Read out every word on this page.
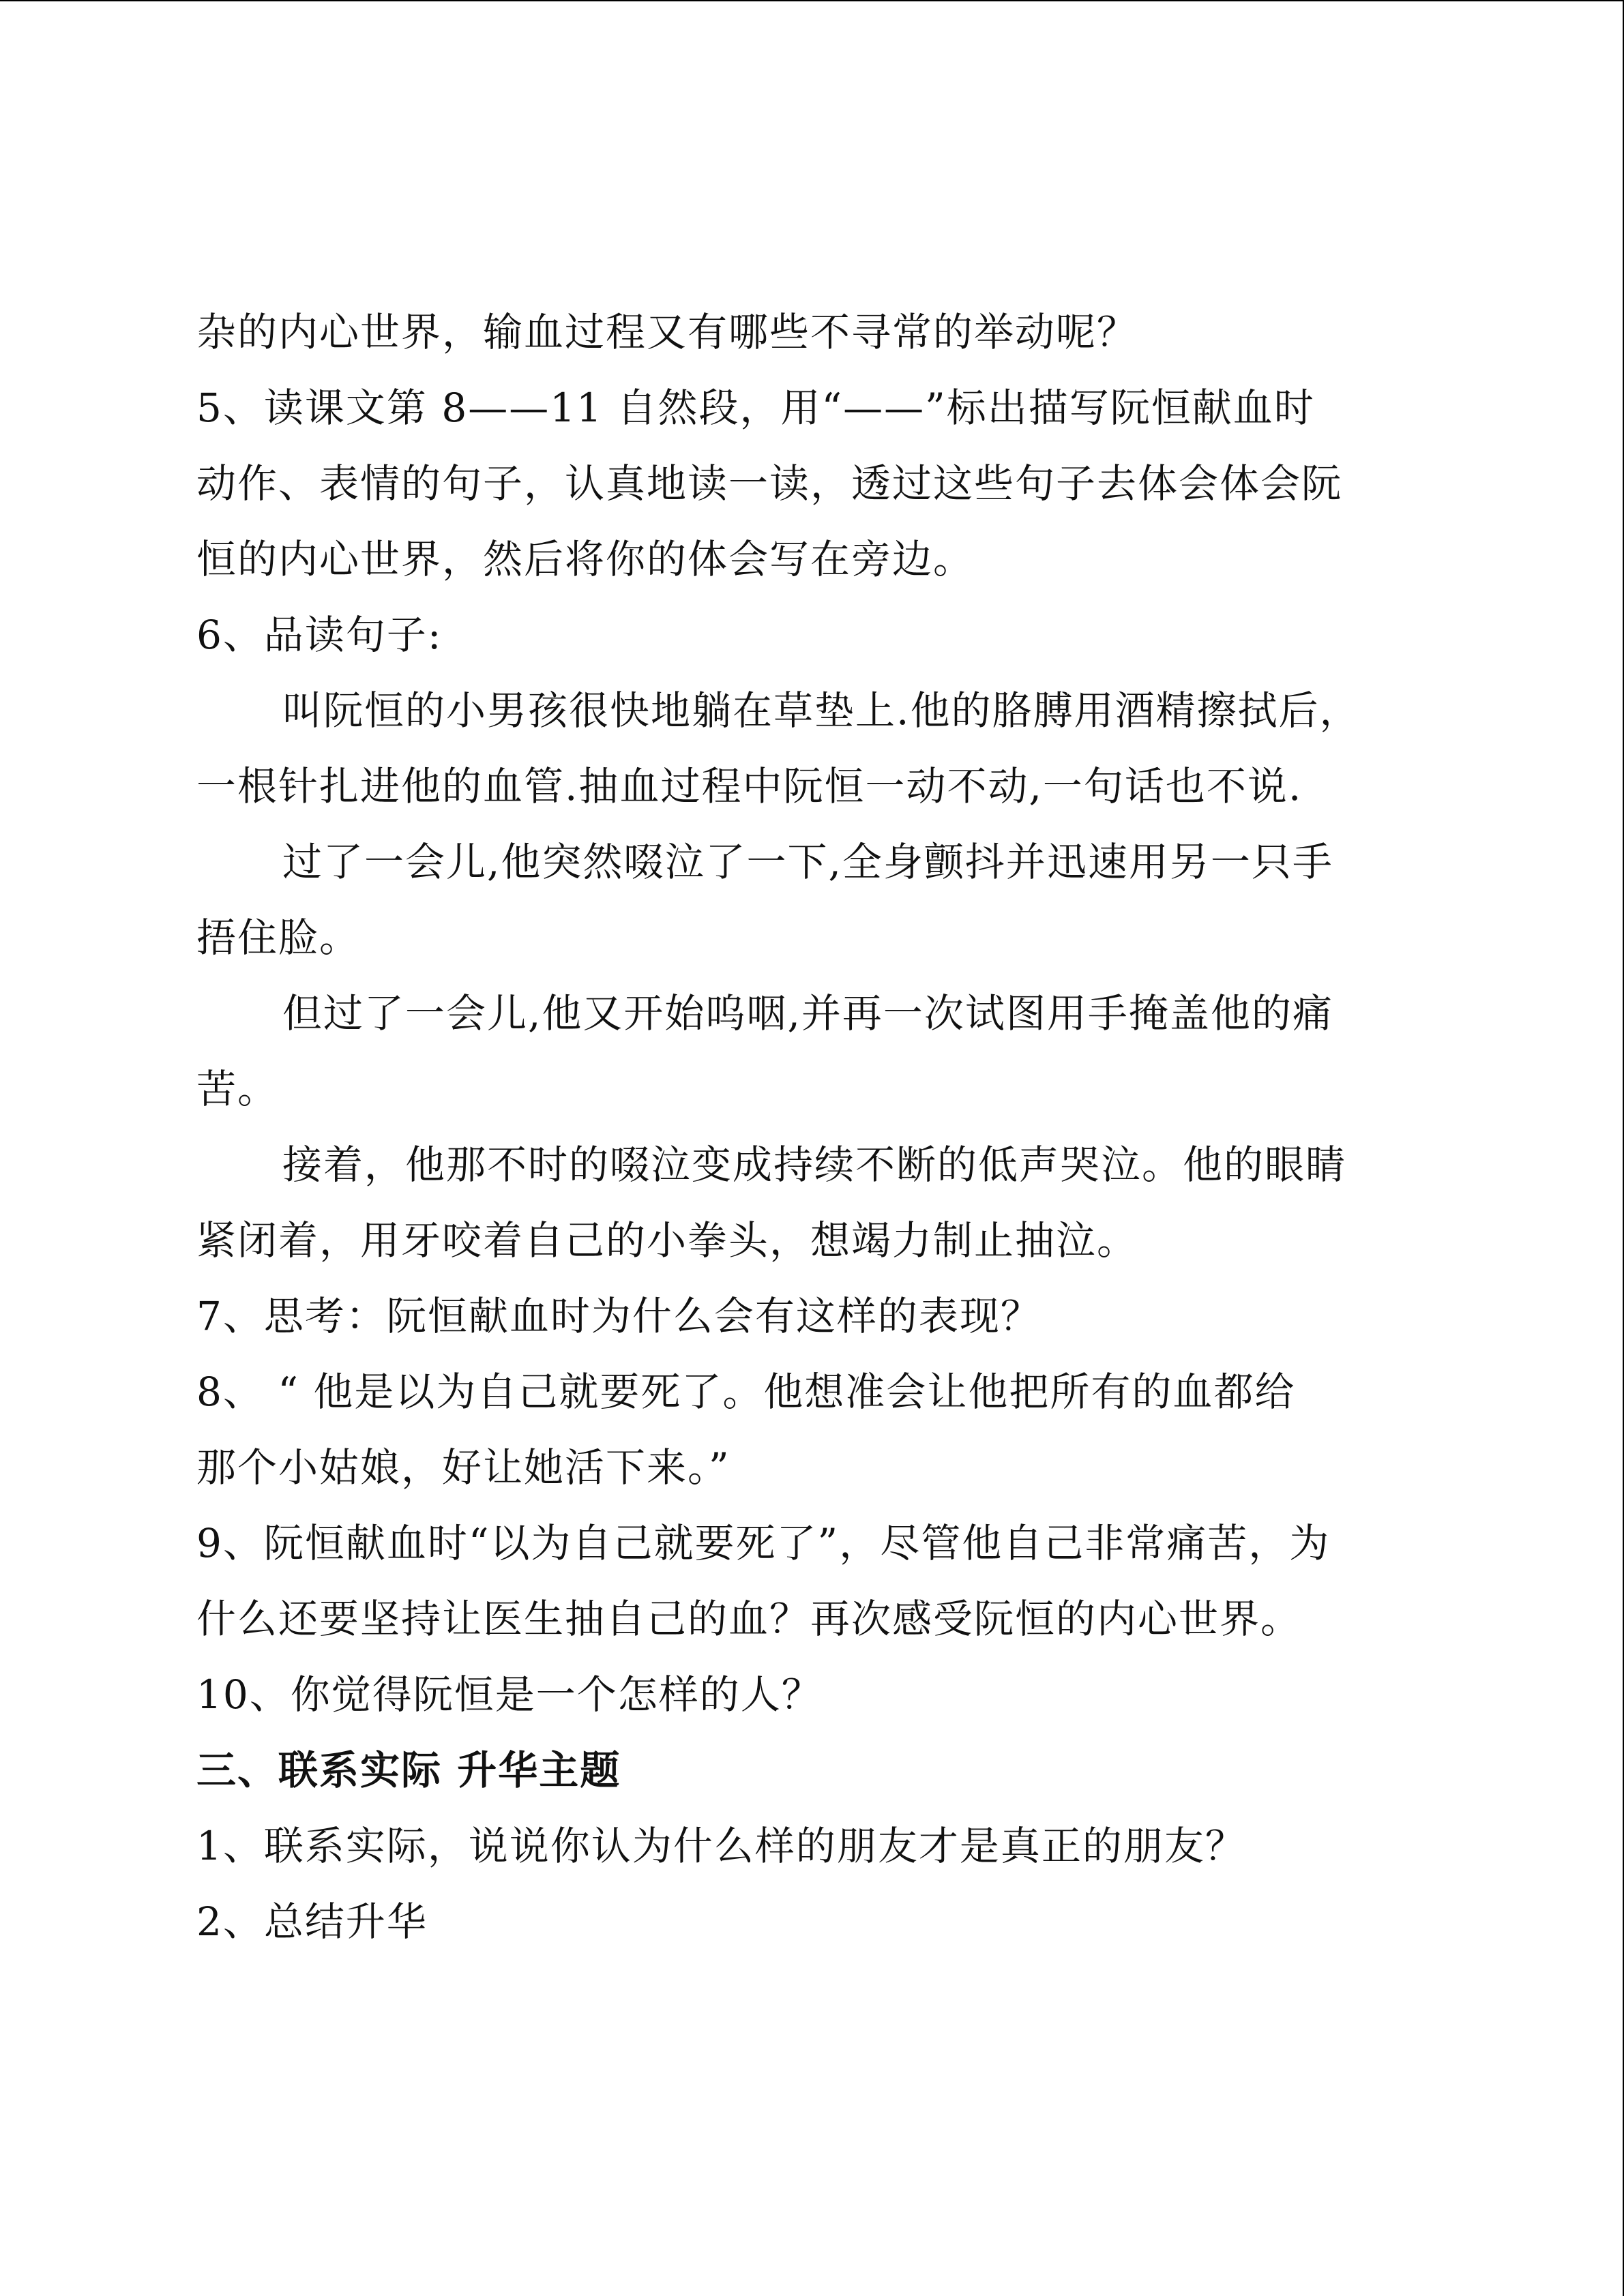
杂的内心世界，输血过程又有哪些不寻常的举动呢？
5、读课文第 8——11 自然段，用“——”标出描写阮恒献血时
动作、表情的句子，认真地读一读，透过这些句子去体会体会阮
恒的内心世界，然后将你的体会写在旁边。
6、品读句子:
叫阮恒的小男孩很快地躺在草垫上.他的胳膊用酒精擦拭后，
一根针扎进他的血管.抽血过程中阮恒一动不动,一句话也不说.
过了一会儿,他突然啜泣了一下,全身颤抖并迅速用另一只手
捂住脸。
但过了一会儿,他又开始呜咽,并再一次试图用手掩盖他的痛
苦。
接着，他那不时的啜泣变成持续不断的低声哭泣。他的眼睛
紧闭着，用牙咬着自己的小拳头，想竭力制止抽泣。
7、思考：阮恒献血时为什么会有这样的表现？
8、 “ 他是以为自己就要死了。他想准会让他把所有的血都给
那个小姑娘，好让她活下来。”
9、阮恒献血时“以为自己就要死了”，尽管他自己非常痛苦，为
什么还要坚持让医生抽自己的血？再次感受阮恒的内心世界。
10、你觉得阮恒是一个怎样的人？
三、联系实际 升华主题
1、联系实际，说说你认为什么样的朋友才是真正的朋友？
2、总结升华
